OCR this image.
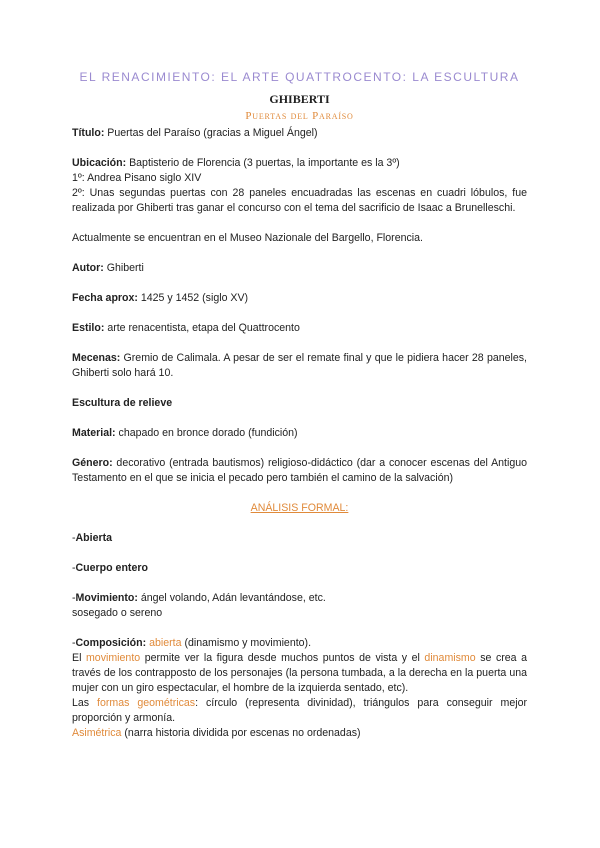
EL RENACIMIENTO: EL ARTE QUATTROCENTO: LA ESCULTURA
GHIBERTI
Puertas del Paraíso

Título: Puertas del Paraíso (gracias a Miguel Ángel)

Ubicación: Baptisterio de Florencia (3 puertas, la importante es la 3º)

1º: Andrea Pisano siglo XIV

2º: Unas segundas puertas con 28 paneles encuadradas las escenas en cuadri lóbulos, fue realizada por Ghiberti tras ganar el concurso con el tema del sacrificio de Isaac a Brunelleschi.

Actualmente se encuentran en el Museo Nazionale del Bargello, Florencia.

Autor: Ghiberti

Fecha aprox: 1425 y 1452 (siglo XV)

Estilo: arte renacentista, etapa del Quattrocento

Mecenas: Gremio de Calimala. A pesar de ser el remate final y que le pidiera hacer 28 paneles, Ghiberti solo hará 10.

Escultura de relieve

Material: chapado en bronce dorado (fundición)

Género: decorativo (entrada bautismos) religioso-didáctico (dar a conocer escenas del Antiguo Testamento en el que se inicia el pecado pero también el camino de la salvación)

ANÁLISIS FORMAL:

-Abierta

-Cuerpo entero

-Movimiento: ángel volando, Adán levantándose, etc.

sosegado o sereno

-Composición: abierta (dinamismo y movimiento).

El movimiento permite ver la figura desde muchos puntos de vista y el dinamismo se crea a través de los contrapposto de los personajes (la persona tumbada, a la derecha en la puerta una mujer con un giro espectacular, el hombre de la izquierda sentado, etc).

Las formas geométricas: círculo (representa divinidad), triángulos para conseguir mejor proporción y armonía.

Asimétrica (narra historia dividida por escenas no ordenadas)
